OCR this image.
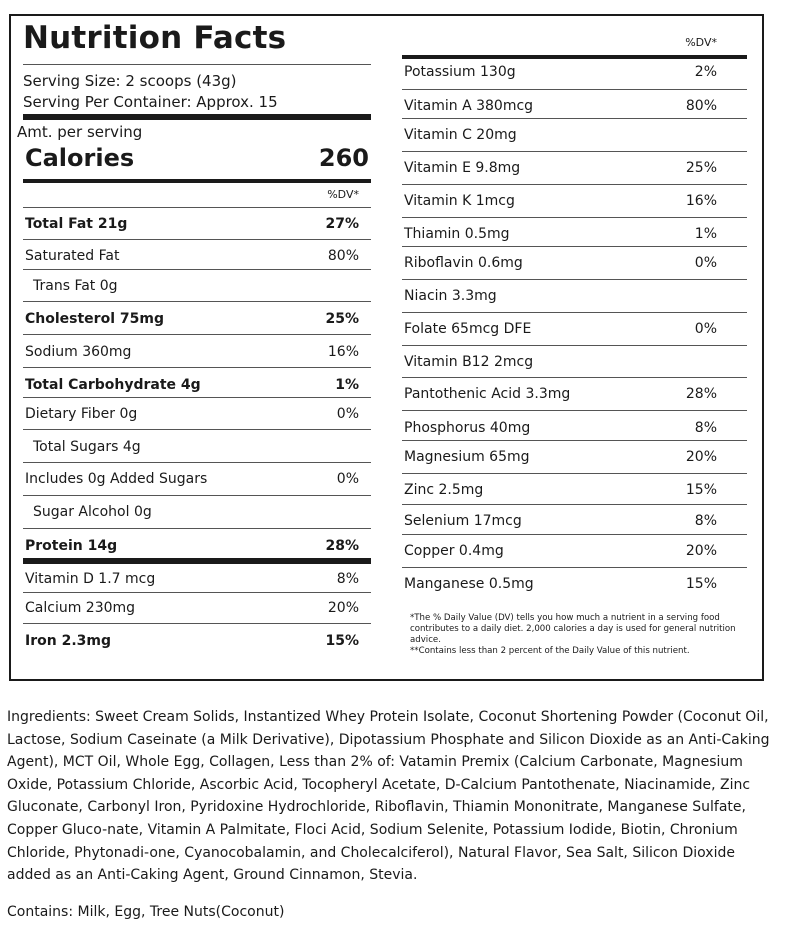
Nutrition Facts
Serving Size: 2 scoops (43g)
Serving Per Container: Approx. 15
Amt. per serving
Calories	260
%DV*
Total Fat 21g	27%
Saturated Fat	80%
Trans Fat 0g
Cholesterol 75mg	25%
Sodium 360mg	16%
Total Carbohydrate 4g	1%
Dietary Fiber 0g	0%
Total Sugars 4g
Includes 0g Added Sugars	0%
Sugar Alcohol 0g
Protein 14g	28%
Vitamin D 1.7 mcg	8%
Calcium 230mg	20%
Iron 2.3mg	15%
%DV*
Potassium 130g	2%
Vitamin A 380mcg	80%
Vitamin C 20mg
Vitamin E 9.8mg	25%
Vitamin K 1mcg	16%
Thiamin 0.5mg	1%
Riboflavin 0.6mg	0%
Niacin 3.3mg
Folate 65mcg DFE	0%
Vitamin B12 2mcg
Pantothenic Acid 3.3mg	28%
Phosphorus 40mg	8%
Magnesium 65mg	20%
Zinc 2.5mg	15%
Selenium 17mcg	8%
Copper 0.4mg	20%
Manganese 0.5mg	15%
*The % Daily Value (DV) tells you how much a nutrient in a serving food contributes to a daily diet. 2,000 calories a day is used for general nutrition advice.
**Contains less than 2 percent of the Daily Value of this nutrient.
Ingredients: Sweet Cream Solids, Instantized Whey Protein Isolate, Coconut Shortening Powder (Coconut Oil, Lactose, Sodium Caseinate (a Milk Derivative), Dipotassium Phosphate and Silicon Dioxide as an Anti-Caking Agent), MCT Oil, Whole Egg, Collagen, Less than 2% of: Vatamin Premix (Calcium Carbonate, Magnesium Oxide, Potassium Chloride, Ascorbic Acid, Tocopheryl Acetate, D-Calcium Pantothenate, Niacinamide, Zinc Gluconate, Carbonyl Iron, Pyridoxine Hydrochloride, Riboflavin, Thiamin Mononitrate, Manganese Sulfate, Copper Gluco-nate, Vitamin A Palmitate, Floci Acid, Sodium Selenite, Potassium Iodide, Biotin, Chronium Chloride, Phytonadi-one, Cyanocobalamin, and Cholecalciferol), Natural Flavor, Sea Salt, Silicon Dioxide added as an Anti-Caking Agent, Ground Cinnamon, Stevia.
Contains: Milk, Egg, Tree Nuts(Coconut)
